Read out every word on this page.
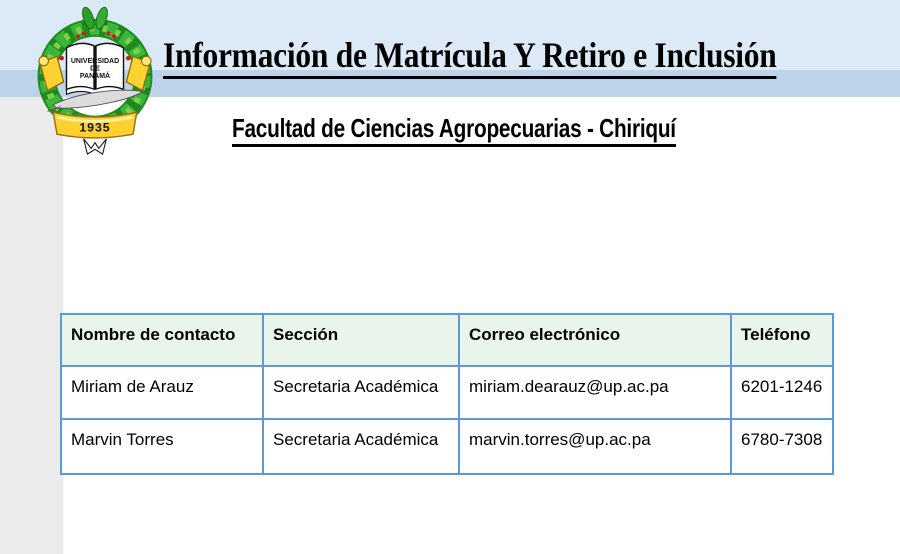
UNIVERSIDAD
DE
PANAMÁ
1935
Información de Matrícula Y Retiro e Inclusión
Facultad de Ciencias Agropecuarias - Chiriquí
Nombre de contacto	Sección	Correo electrónico	Teléfono
Miriam de Arauz	Secretaria Académica	miriam.dearauz@up.ac.pa	6201-1246
Marvin Torres	Secretaria Académica	marvin.torres@up.ac.pa	6780-7308
